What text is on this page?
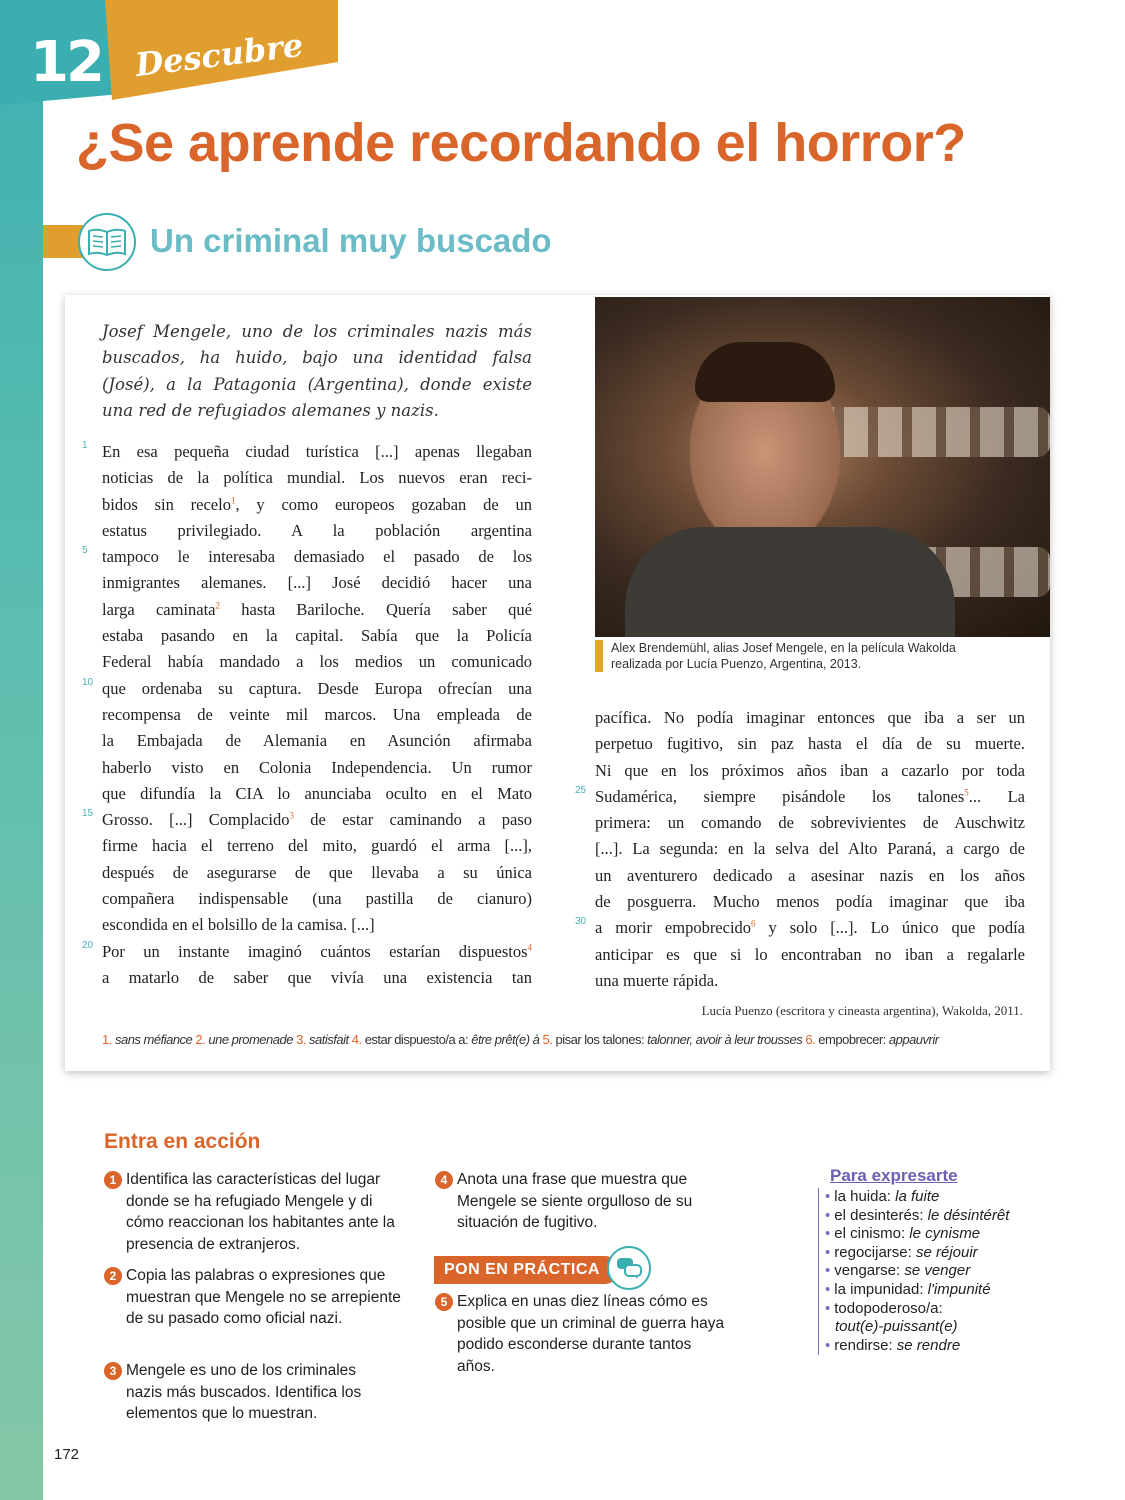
12 Descubre
¿Se aprende recordando el horror?
Un criminal muy buscado
Alex Brendemühl, alias Josef Mengele, en la película Wakolda
realizada por Lucía Puenzo, Argentina, 2013.
Josef Mengele, uno de los criminales nazis más buscados, ha huido, bajo una identidad falsa (José), a la Patagonia (Argentina), donde existe una red de refugiados alemanes y nazis.
1 En esa pequeña ciudad turística [...] apenas llegaban
noticias de la política mundial. Los nuevos eran reci-
bidos sin recelo$^1$, y como europeos gozaban de un
estatus privilegiado. A la población argentina
5 tampoco le interesaba demasiado el pasado de los
inmigrantes alemanes. [...] José decidió hacer una
larga caminata$^2$ hasta Bariloche. Quería saber qué
estaba pasando en la capital. Sabía que la Policía
Federal había mandado a los medios un comunicado
10 que ordenaba su captura. Desde Europa ofrecían una
recompensa de veinte mil marcos. Una empleada de
la Embajada de Alemania en Asunción afirmaba
haberlo visto en Colonia Independencia. Un rumor
que difundía la CIA lo anunciaba oculto en el Mato
15 Grosso. [...] Complacido$^3$ de estar caminando a paso
firme hacia el terreno del mito, guardó el arma [...],
después de asegurarse de que llevaba a su única
compañera indispensable (una pastilla de cianuro)
escondida en el bolsillo de la camisa. [...]
20 Por un instante imaginó cuántos estarían dispuestos$^4$
a matarlo de saber que vivía una existencia tan
pacífica. No podía imaginar entonces que iba a ser un
perpetuo fugitivo, sin paz hasta el día de su muerte.
Ni que en los próximos años iban a cazarlo por toda
25 Sudamérica, siempre pisándole los talones$^5$... La
primera: un comando de sobrevivientes de Auschwitz
[...]. La segunda: en la selva del Alto Paraná, a cargo de
un aventurero dedicado a asesinar nazis en los años
de posguerra. Mucho menos podía imaginar que iba
30 a morir empobrecido$^6$ y solo [...]. Lo único que podía
anticipar es que si lo encontraban no iban a regalarle
una muerte rápida.
Lucía Puenzo (escritora y cineasta argentina), Wakolda, 2011.
1. sans méfiance 2. une promenade 3. satisfait 4. estar dispuesto/a a: être prêt(e) à 5. pisar los talones: talonner, avoir à leur trousses 6. empobrecer: appauvrir
Entra en acción
1 Identifica las características del lugar donde se ha refugiado Mengele y di cómo reaccionan los habitantes ante la presencia de extranjeros.
2 Copia las palabras o expresiones que muestran que Mengele no se arrepiente de su pasado como oficial nazi.
3 Mengele es uno de los criminales nazis más buscados. Identifica los elementos que lo muestran.
4 Anota una frase que muestra que Mengele se siente orgulloso de su situación de fugitivo.
PON EN PRÁCTICA
5 Explica en unas diez líneas cómo es posible que un criminal de guerra haya podido esconderse durante tantos años.
Para expresarte
• la huida: la fuite
• el desinterés: le désintérêt
• el cinismo: le cynisme
• regocijarse: se réjouir
• vengarse: se venger
• la impunidad: l'impunité
• todopoderoso/a:
tout(e)-puissant(e)
• rendirse: se rendre
172
